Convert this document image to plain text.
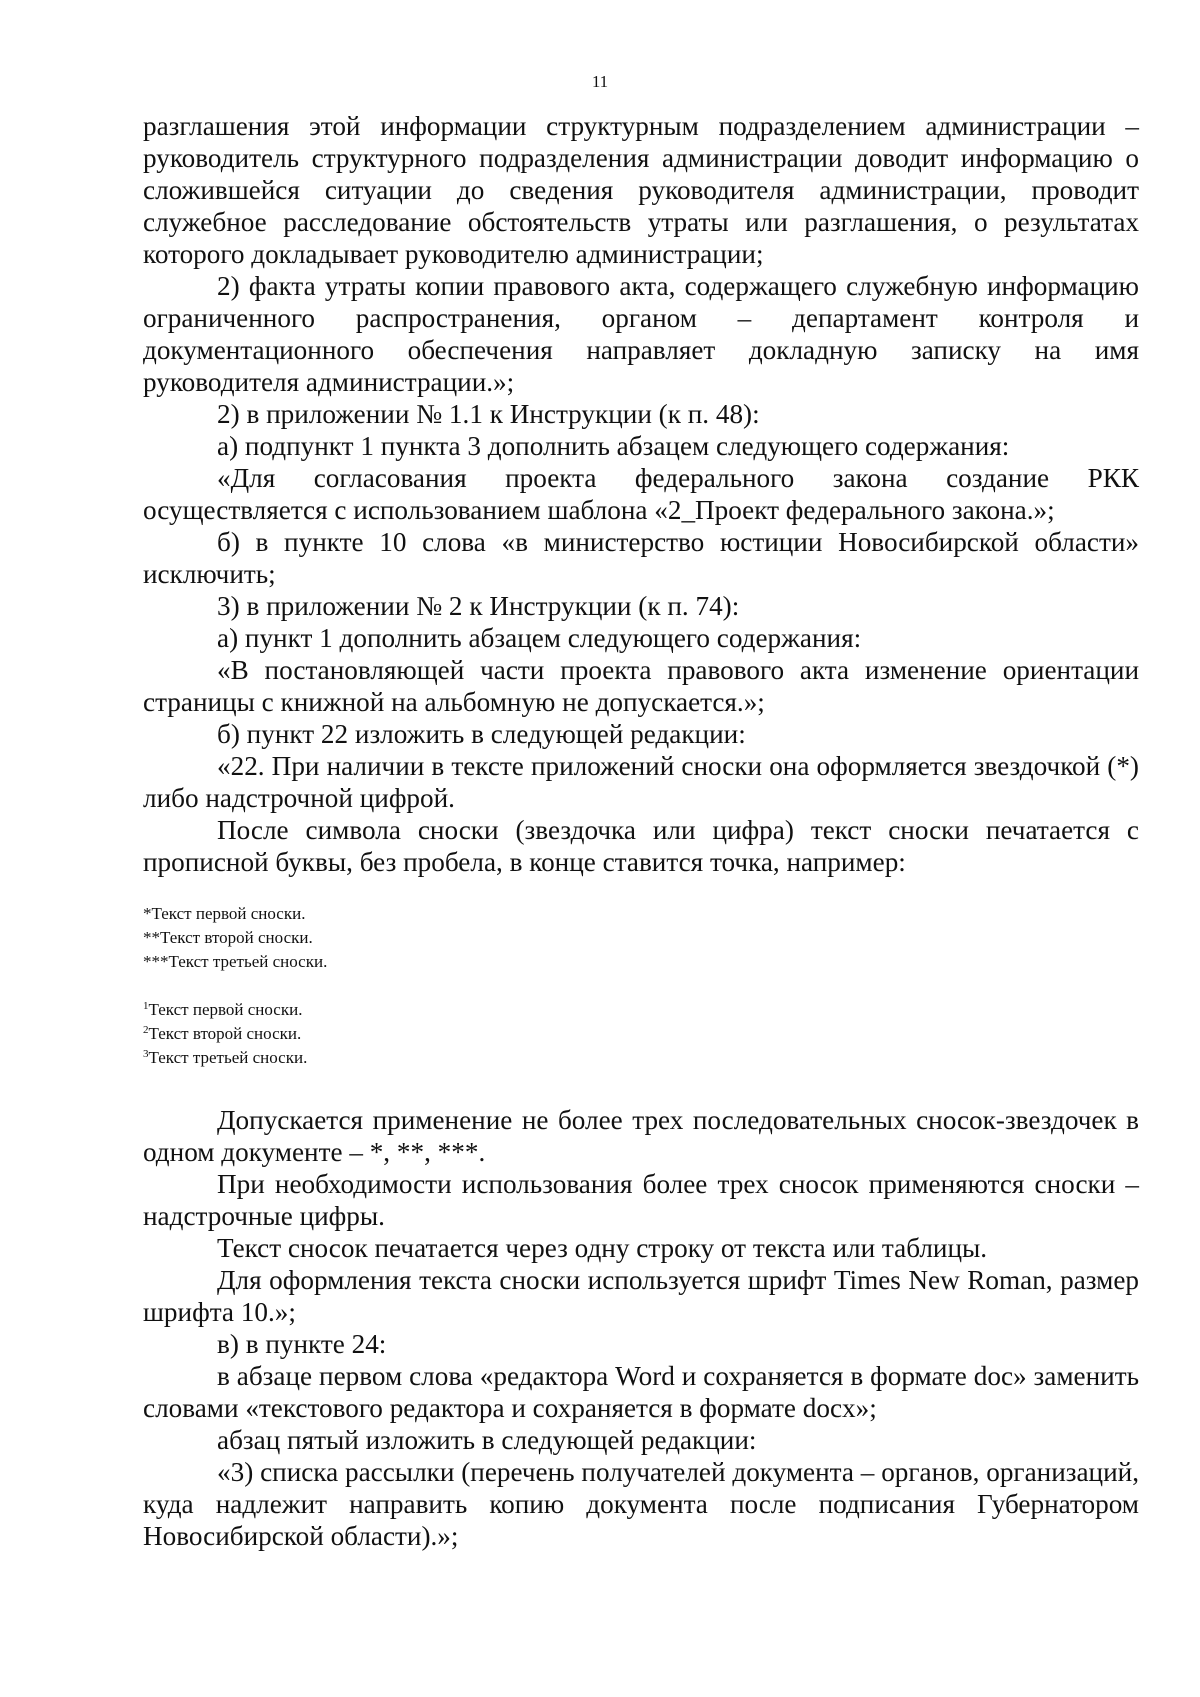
11

разглашения этой информации структурным подразделением администрации – руководитель структурного подразделения администрации доводит информацию о сложившейся ситуации до сведения руководителя администрации, проводит служебное расследование обстоятельств утраты или разглашения, о результатах которого докладывает руководителю администрации;

2) факта утраты копии правового акта, содержащего служебную информацию ограниченного распространения, органом – департамент контроля и документационного обеспечения направляет докладную записку на имя руководителя администрации.»;

2) в приложении № 1.1 к Инструкции (к п. 48):

а) подпункт 1 пункта 3 дополнить абзацем следующего содержания:

«Для согласования проекта федерального закона создание РКК осуществляется с использованием шаблона «2_Проект федерального закона.»;

б) в пункте 10 слова «в министерство юстиции Новосибирской области» исключить;

3) в приложении № 2 к Инструкции (к п. 74):

а) пункт 1 дополнить абзацем следующего содержания:

«В постановляющей части проекта правового акта изменение ориентации страницы с книжной на альбомную не допускается.»;

б) пункт 22 изложить в следующей редакции:

«22. При наличии в тексте приложений сноски она оформляется звездочкой (*) либо надстрочной цифрой.

После символа сноски (звездочка или цифра) текст сноски печатается с прописной буквы, без пробела, в конце ставится точка, например:

*Текст первой сноски.

**Текст второй сноски.

***Текст третьей сноски.

$^1$Текст первой сноски.

$^2$Текст второй сноски.

$^3$Текст третьей сноски.

Допускается применение не более трех последовательных сносок-звездочек в одном документе – *, **, ***.

При необходимости использования более трех сносок применяются сноски – надстрочные цифры.

Текст сносок печатается через одну строку от текста или таблицы.

Для оформления текста сноски используется шрифт Times New Roman, размер шрифта 10.»;

в) в пункте 24:

в абзаце первом слова «редактора Word и сохраняется в формате doc» заменить словами «текстового редактора и сохраняется в формате docx»;

абзац пятый изложить в следующей редакции:

«3) списка рассылки (перечень получателей документа – органов, организаций, куда надлежит направить копию документа после подписания Губернатором Новосибирской области).»;
